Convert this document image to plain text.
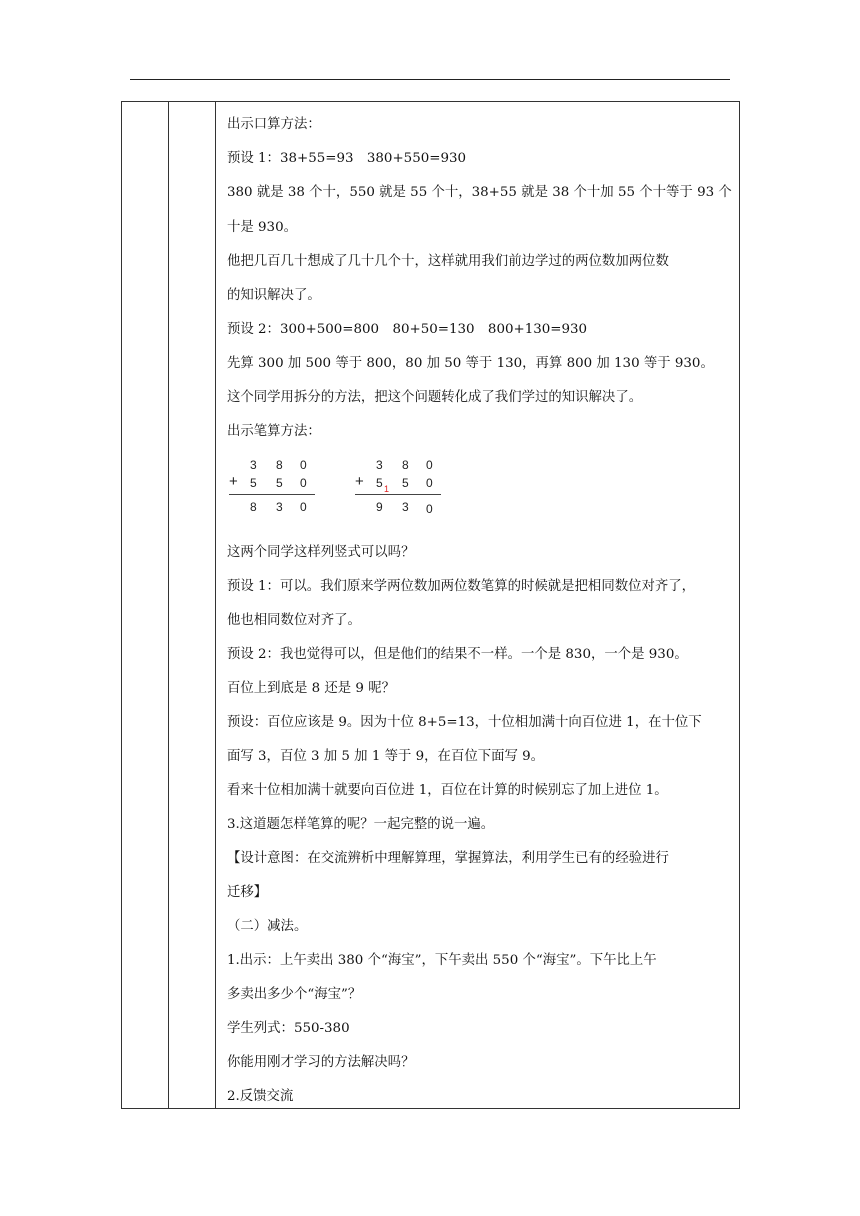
出示口算方法：
预设 1：38+55=93　380+550=930
380 就是 38 个十，550 就是 55 个十，38+55 就是 38 个十加 55 个十等于 93 个
十是 930。
他把几百几十想成了几十几个十，这样就用我们前边学过的两位数加两位数
的知识解决了。
预设 2：300+500=800　80+50=130　800+130=930
先算 300 加 500 等于 800，80 加 50 等于 130，再算 800 加 130 等于 930。
这个同学用拆分的方法，把这个问题转化成了我们学过的知识解决了。
出示笔算方法：
这两个同学这样列竖式可以吗？
预设 1：可以。我们原来学两位数加两位数笔算的时候就是把相同数位对齐了，
他也相同数位对齐了。
预设 2：我也觉得可以，但是他们的结果不一样。一个是 830，一个是 930。
百位上到底是 8 还是 9 呢？
预设：百位应该是 9。因为十位 8+5=13，十位相加满十向百位进 1，在十位下
面写 3，百位 3 加 5 加 1 等于 9，在百位下面写 9。
看来十位相加满十就要向百位进 1，百位在计算的时候别忘了加上进位 1。
3.这道题怎样笔算的呢？一起完整的说一遍。
【设计意图：在交流辨析中理解算理，掌握算法，利用学生已有的经验进行
迁移】
（二）减法。
1.出示：上午卖出 380 个“海宝”，下午卖出 550 个“海宝”。下午比上午
多卖出多少个“海宝”？
学生列式：550-380
你能用刚才学习的方法解决吗？
2.反馈交流
3 8 0
+ 5 5 0
8 3 0
3 8 0
+ 5 1 5 0
9 3 0
